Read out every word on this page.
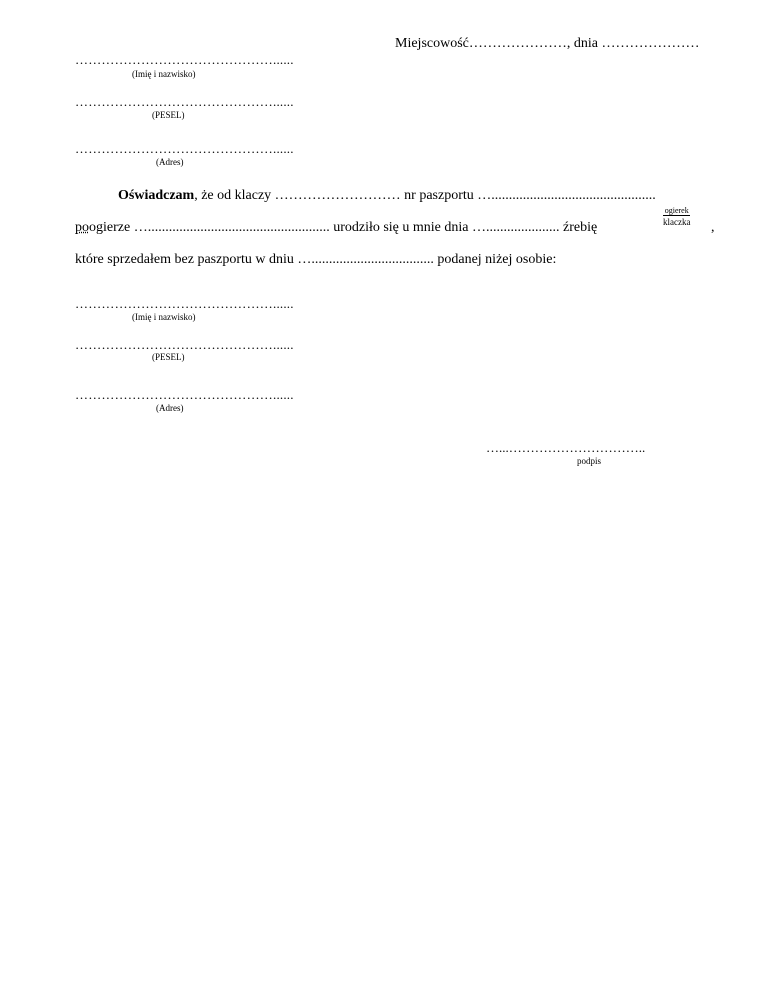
Miejscowość…………………, dnia …………………
………………………………………......
(Imię i nazwisko)
………………………………………......
(PESEL)
………………………………………......
(Adres)
Oświadczam, że od klaczy ……………………… nr paszportu …...............................................
poogierze ….................................................... urodziło się u mnie dnia …..................... źrebię
ogierek
klaczka ,
które sprzedałem bez paszportu w dniu …................................... podanej niżej osobie:
………………………………………......
(Imię i nazwisko)
………………………………………......
(PESEL)
………………………………………......
(Adres)
…...…………………………..
podpis
